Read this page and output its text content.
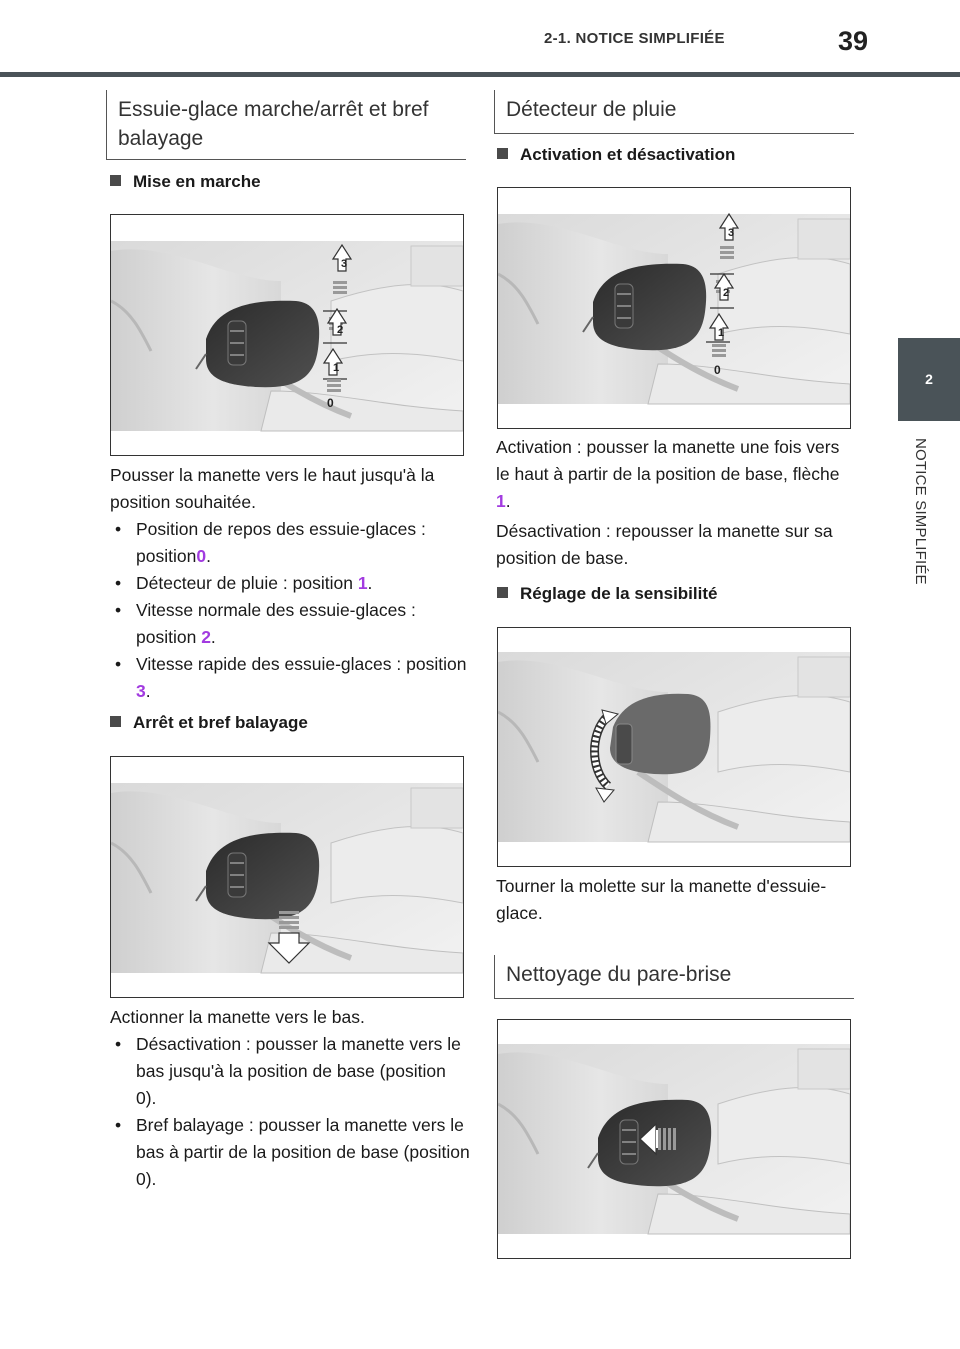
2-1. NOTICE SIMPLIFIÉE	39
2
NOTICE SIMPLIFIÉE
Essuie-glace marche/arrêt et bref balayage
Mise en marche
1
2
3
0
Pousser la manette vers le haut jusqu'à la position souhaitée.
• Position de repos des essuie-glaces : position0.
• Détecteur de pluie : position 1.
• Vitesse normale des essuie-glaces : position 2.
• Vitesse rapide des essuie-glaces : position 3.
Arrêt et bref balayage
Actionner la manette vers le bas.
• Désactivation : pousser la manette vers le bas jusqu'à la position de base (position 0).
• Bref balayage : pousser la manette vers le bas à partir de la position de base (position 0).
Détecteur de pluie
Activation et désactivation
1
2
3
0
Activation : pousser la manette une fois vers le haut à partir de la position de base, flèche 1.
Désactivation : repousser la manette sur sa position de base.
Réglage de la sensibilité
Tourner la molette sur la manette d'essuie-glace.
Nettoyage du pare-brise
